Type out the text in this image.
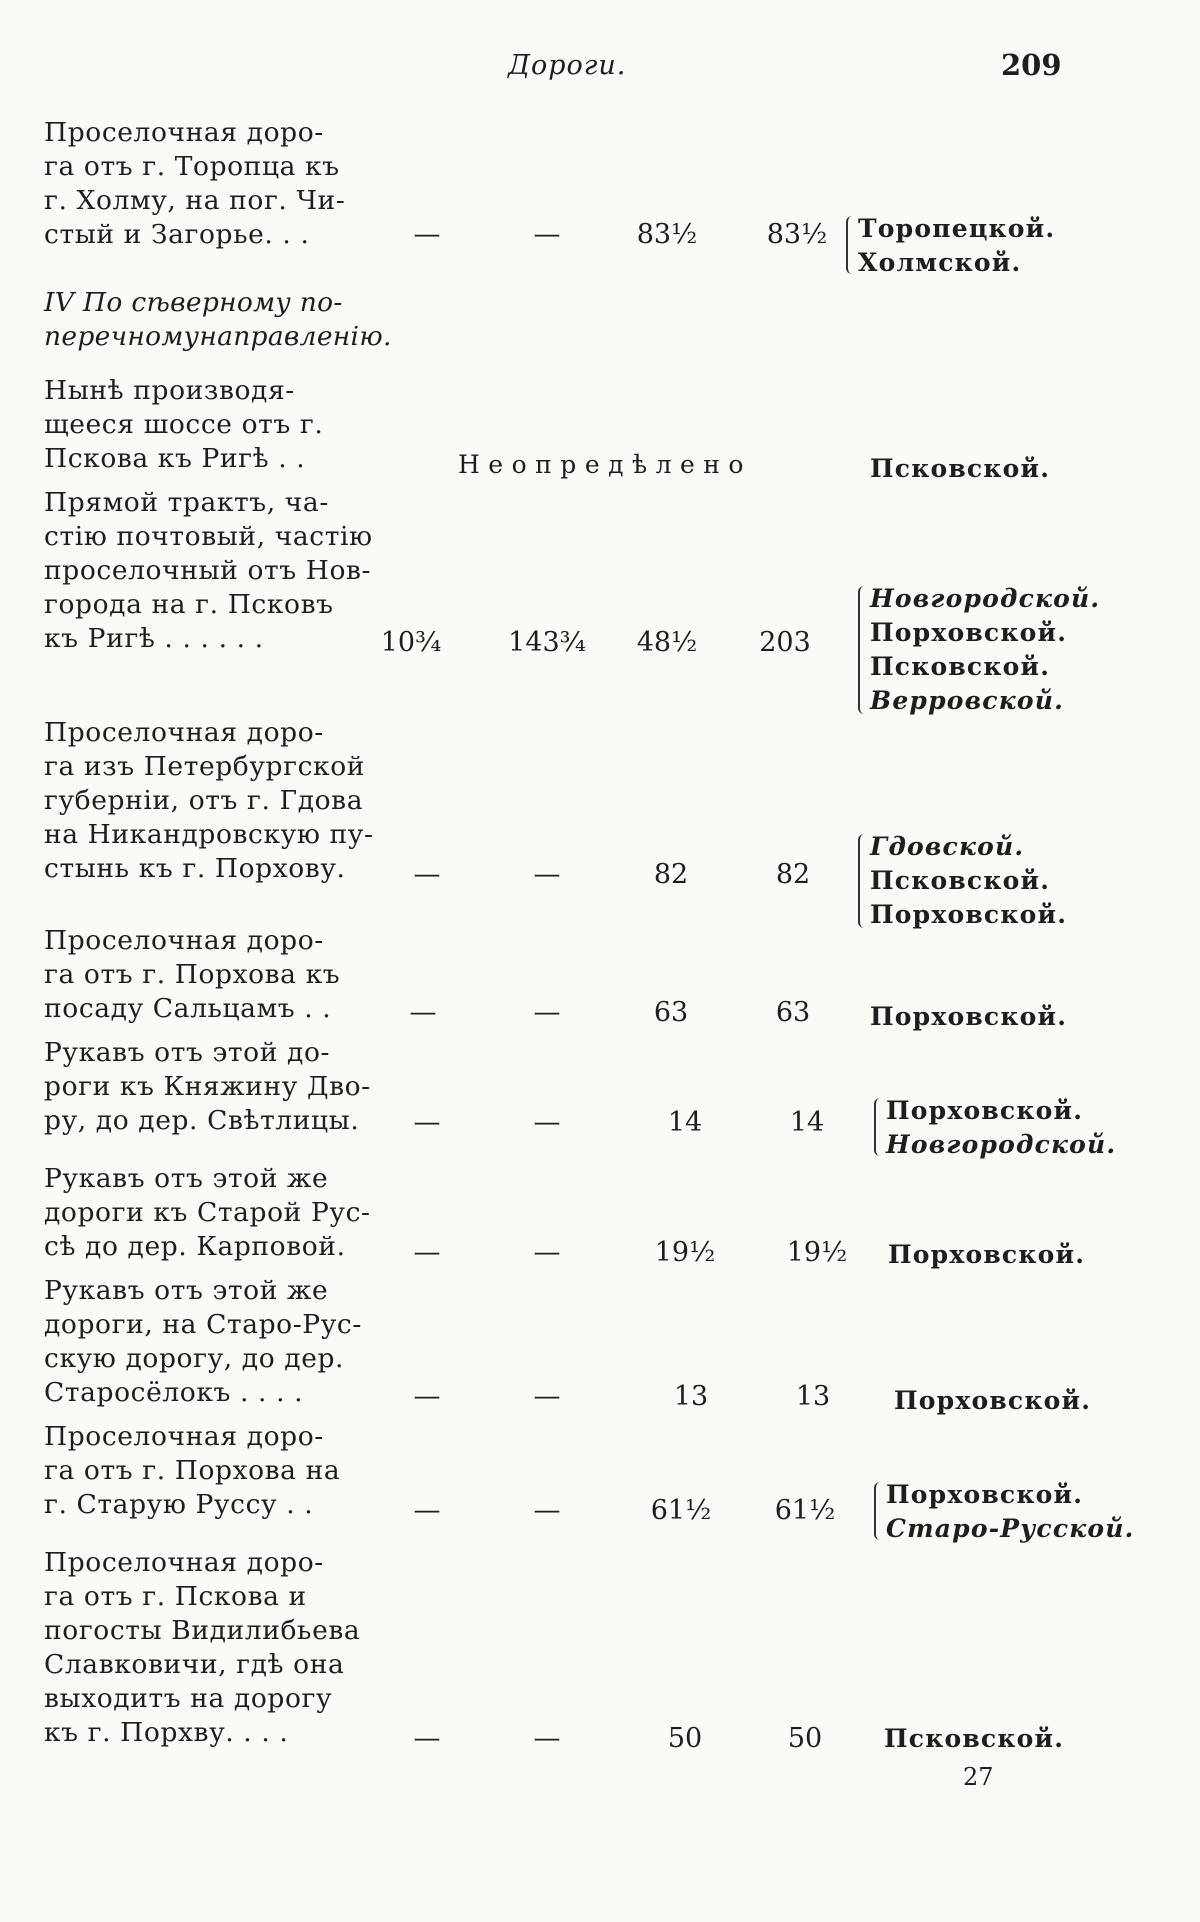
Дороги.	209
Проселочная доро-
га отъ г. Торопца къ
г. Холму, на пог. Чи-
стый и Загорье. . .	—	—	83½	83½	Торопецкой.
Холмской.
IV По сѣверному по-
перечномунаправленію.
Нынѣ производя-
щееся шоссе отъ г.
Пскова къ Ригѣ . .	Неопредѣлено	Псковской.
Прямой трактъ, ча-
стію почтовый, частію
проселочный отъ Нов-
города на г. Псковъ
къ Ригѣ . . . . . .	10¾	143¾	48½	203
Новгородской.
Порховской.
Псковской.
Верровской.
Проселочная доро-
га изъ Петербургской
губерніи, отъ г. Гдова
на Никандровскую пу-
стынь къ г. Порхову.	—	—	82	82
Гдовской.
Псковской.
Порховской.
Проселочная доро-
га отъ г. Порхова къ
посаду Сальцамъ . .	—	—	63	63	Порховской.
Рукавъ отъ этой до-
роги къ Княжину Дво-
ру, до дер. Свѣтлицы.	—	—	14	14	Порховской.
Новгородской.
Рукавъ отъ этой же
дороги къ Старой Рус-
сѣ до дер. Карповой.	—	—	19½	19½	Порховской.
Рукавъ отъ этой же
дороги, на Старо-Рус-
скую дорогу, до дер.
Старосёлокъ . . . .	—	—	13	13	Порховской.
Проселочная доро-
га отъ г. Порхова на
г. Старую Руссу . .	—	—	61½	61½
Порховской.
Старо-Русской.
Проселочная доро-
га отъ г. Пскова и
погосты Видилибьева
Славковичи, гдѣ она
выходитъ на дорогу
къ г. Порхву. . . .	—	—	50	50	Псковской.
27
